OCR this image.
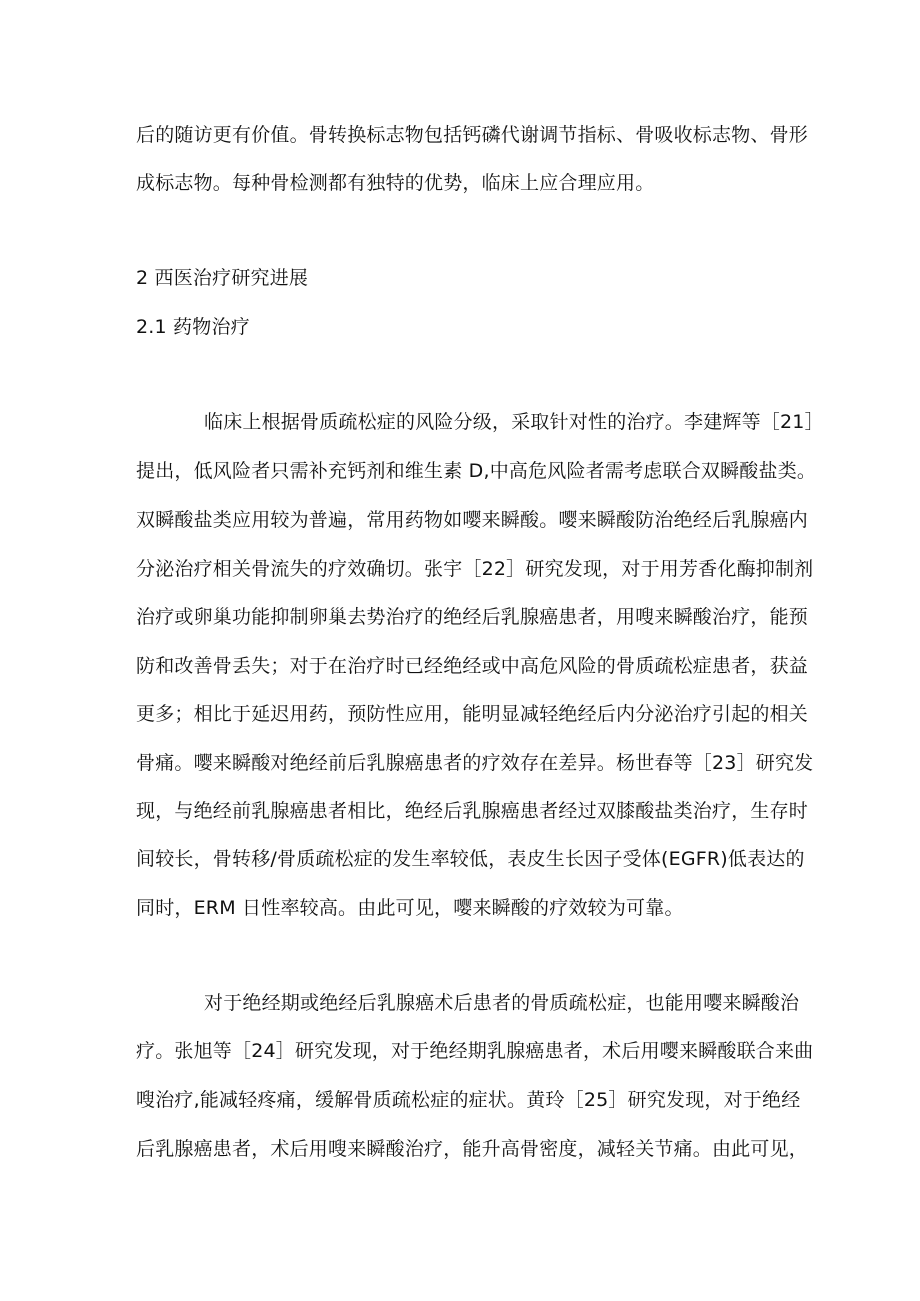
后的随访更有价值。骨转换标志物包括钙磷代谢调节指标、骨吸收标志物、骨形

成标志物。每种骨检测都有独特的优势，临床上应合理应用。

2 西医治疗研究进展

2.1 药物治疗

临床上根据骨质疏松症的风险分级，采取针对性的治疗。李建辉等［21］

提出，低风险者只需补充钙剂和维生素 D,中高危风险者需考虑联合双瞬酸盐类。

双瞬酸盐类应用较为普遍，常用药物如嘤来瞬酸。嘤来瞬酸防治绝经后乳腺癌内

分泌治疗相关骨流失的疗效确切。张宇［22］研究发现，对于用芳香化酶抑制剂

治疗或卵巢功能抑制卵巢去势治疗的绝经后乳腺癌患者，用嗖来瞬酸治疗，能预

防和改善骨丢失；对于在治疗时已经绝经或中高危风险的骨质疏松症患者，获益

更多；相比于延迟用药，预防性应用，能明显减轻绝经后内分泌治疗引起的相关

骨痛。嘤来瞬酸对绝经前后乳腺癌患者的疗效存在差异。杨世春等［23］研究发

现，与绝经前乳腺癌患者相比，绝经后乳腺癌患者经过双膝酸盐类治疗，生存时

间较长，骨转移/骨质疏松症的发生率较低，表皮生长因子受体(EGFR)低表达的

同时，ERM 日性率较高。由此可见，嘤来瞬酸的疗效较为可靠。

对于绝经期或绝经后乳腺癌术后患者的骨质疏松症，也能用嘤来瞬酸治

疗。张旭等［24］研究发现，对于绝经期乳腺癌患者，术后用嘤来瞬酸联合来曲

嗖治疗,能减轻疼痛，缓解骨质疏松症的症状。黄玲［25］研究发现，对于绝经

后乳腺癌患者，术后用嗖来瞬酸治疗，能升高骨密度，减轻关节痛。由此可见，
